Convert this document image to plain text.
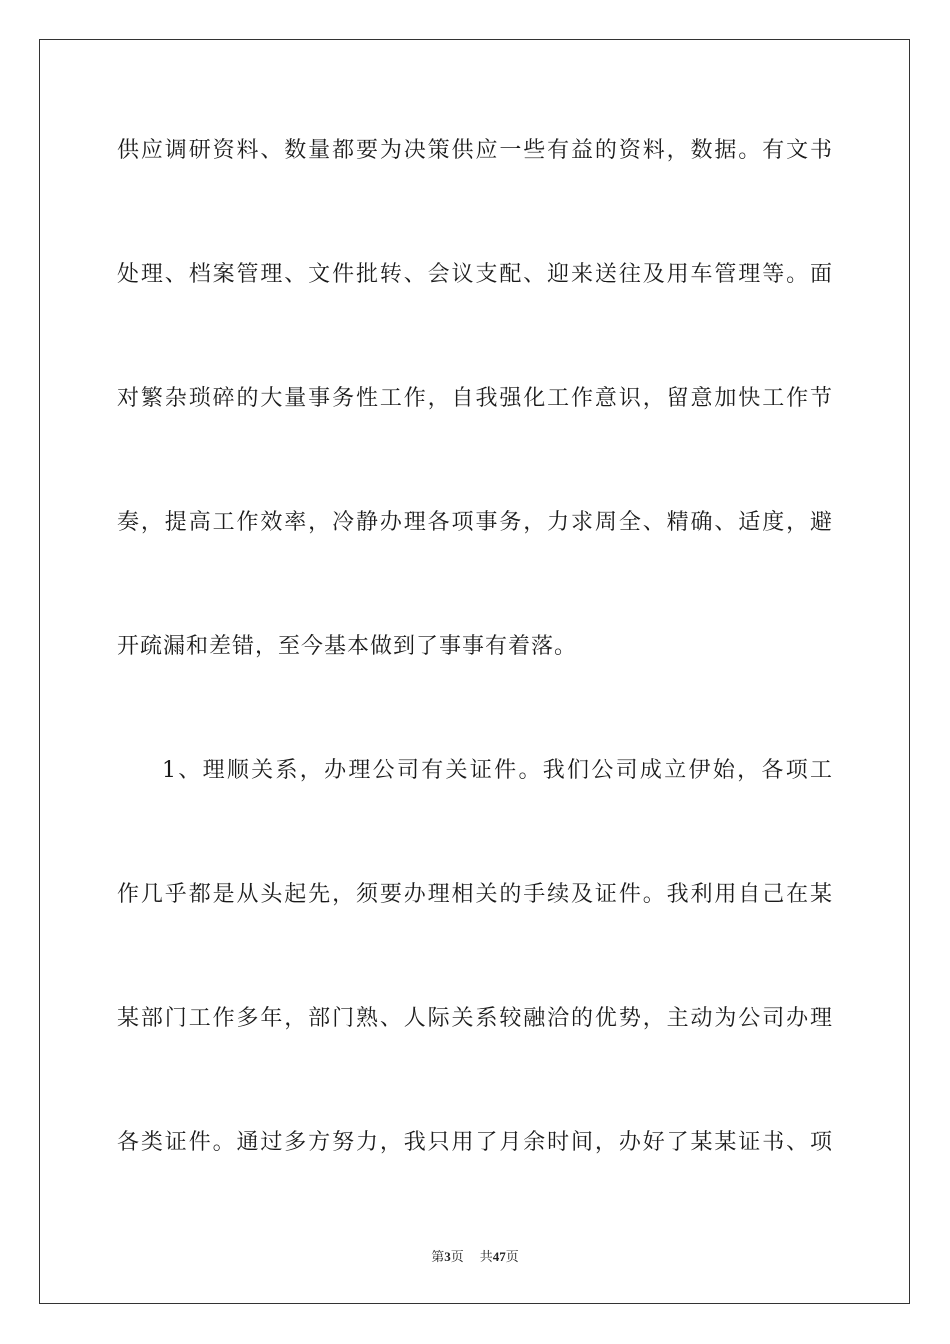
供应调研资料、数量都要为决策供应一些有益的资料，数据。有文书
处理、档案管理、文件批转、会议支配、迎来送往及用车管理等。面
对繁杂琐碎的大量事务性工作，自我强化工作意识，留意加快工作节
奏，提高工作效率，冷静办理各项事务，力求周全、精确、适度，避
开疏漏和差错，至今基本做到了事事有着落。
1、理顺关系，办理公司有关证件。我们公司成立伊始，各项工
作几乎都是从头起先，须要办理相关的手续及证件。我利用自己在某
某部门工作多年，部门熟、人际关系较融洽的优势，主动为公司办理
各类证件。通过多方努力，我只用了月余时间，办好了某某证书、项
第3页 共47页
